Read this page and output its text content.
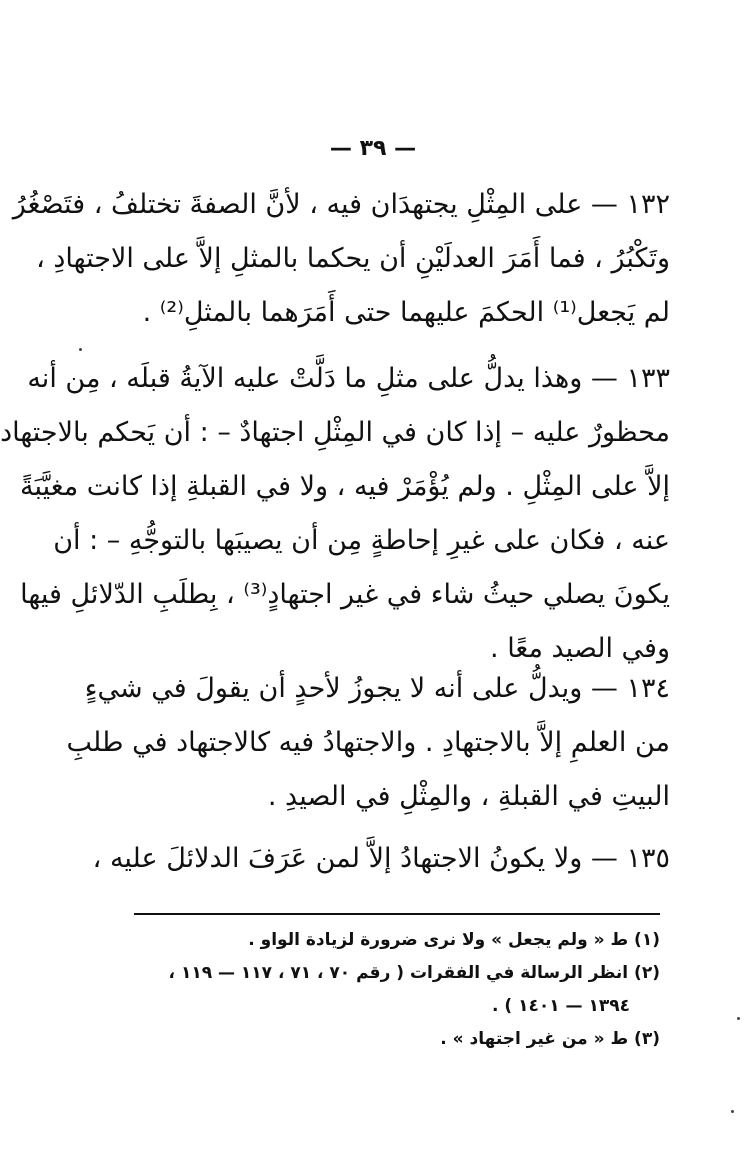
— ٣٩ —
١٣٢ — على المِثْلِ يجتهدَان فيه ، لأنَّ الصفةَ تختلفُ ، فتَصْغُرُ
وتَكْبُرُ ، فما أَمَرَ العدلَيْنِ أن يحكما بالمثلِ إلاَّ على الاجتهادِ ،
لم يَجعل⁽¹⁾ الحكمَ عليهما حتى أَمَرَهما بالمثلِ⁽²⁾ .
١٣٣ — وهذا يدلُّ على مثلِ ما دَلَّتْ عليه الآيةُ قبلَه ، مِن أنه
محظورٌ عليه – إذا كان في المِثْلِ اجتهادٌ – : أن يَحكم بالاجتهاد
إلاَّ على المِثْلِ . ولم يُؤْمَرْ فيه ، ولا في القبلةِ إذا كانت مغيَّبَةً
عنه ، فكان على غيرِ إحاطةٍ مِن أن يصيبَها بالتوجُّهِ – : أن
يكونَ يصلي حيثُ شاء في غير اجتهادٍ⁽³⁾ ، بِطلَبِ الدّلائلِ فيها
وفي الصيد معًا .
١٣٤ — ويدلُّ على أنه لا يجوزُ لأحدٍ أن يقولَ في شيءٍ
من العلمِ إلاَّ بالاجتهادِ . والاجتهادُ فيه كالاجتهاد في طلبِ
البيتِ في القبلةِ ، والمِثْلِ في الصيدِ .
١٣٥ — ولا يكونُ الاجتهادُ إلاَّ لمن عَرَفَ الدلائلَ عليه ،
(١) ط « ولم يجعل » ولا نرى ضرورة لزيادة الواو .
(٢) انظر الرسالة في الفقرات ( رقم ٧٠ ، ٧١ ، ١١٧ — ١١٩ ،
١٣٩٤ — ١٤٠١ ) .
(٣) ط « من غير اجتهاد » .
